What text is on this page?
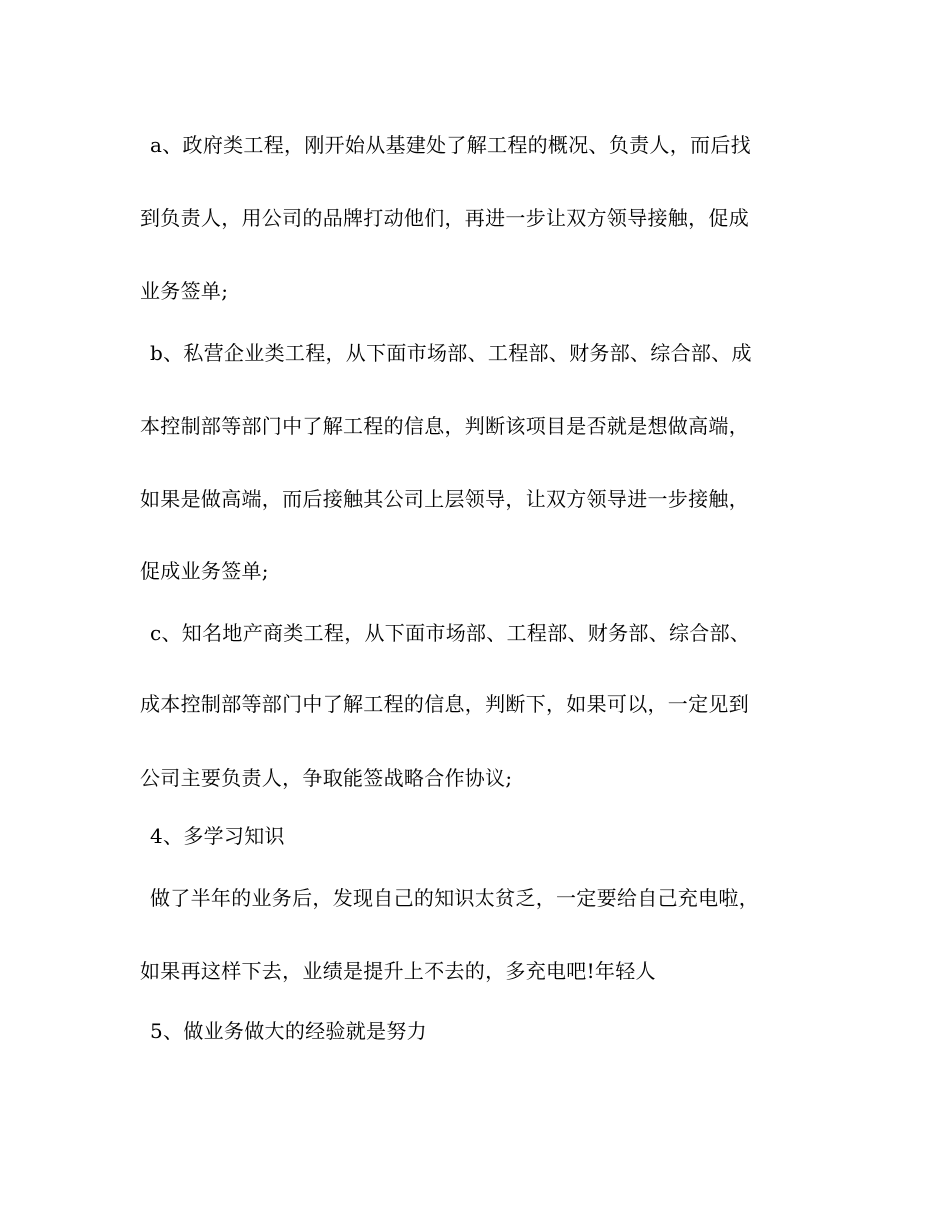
a、政府类工程，刚开始从基建处了解工程的概况、负责人，而后找
到负责人，用公司的品牌打动他们，再进一步让双方领导接触，促成
业务签单;
b、私营企业类工程，从下面市场部、工程部、财务部、综合部、成
本控制部等部门中了解工程的信息，判断该项目是否就是想做高端，
如果是做高端，而后接触其公司上层领导，让双方领导进一步接触，
促成业务签单;
c、知名地产商类工程，从下面市场部、工程部、财务部、综合部、
成本控制部等部门中了解工程的信息，判断下，如果可以，一定见到
公司主要负责人，争取能签战略合作协议;
4、多学习知识
做了半年的业务后，发现自己的知识太贫乏，一定要给自己充电啦，
如果再这样下去，业绩是提升上不去的，多充电吧!年轻人
5、做业务做大的经验就是努力
